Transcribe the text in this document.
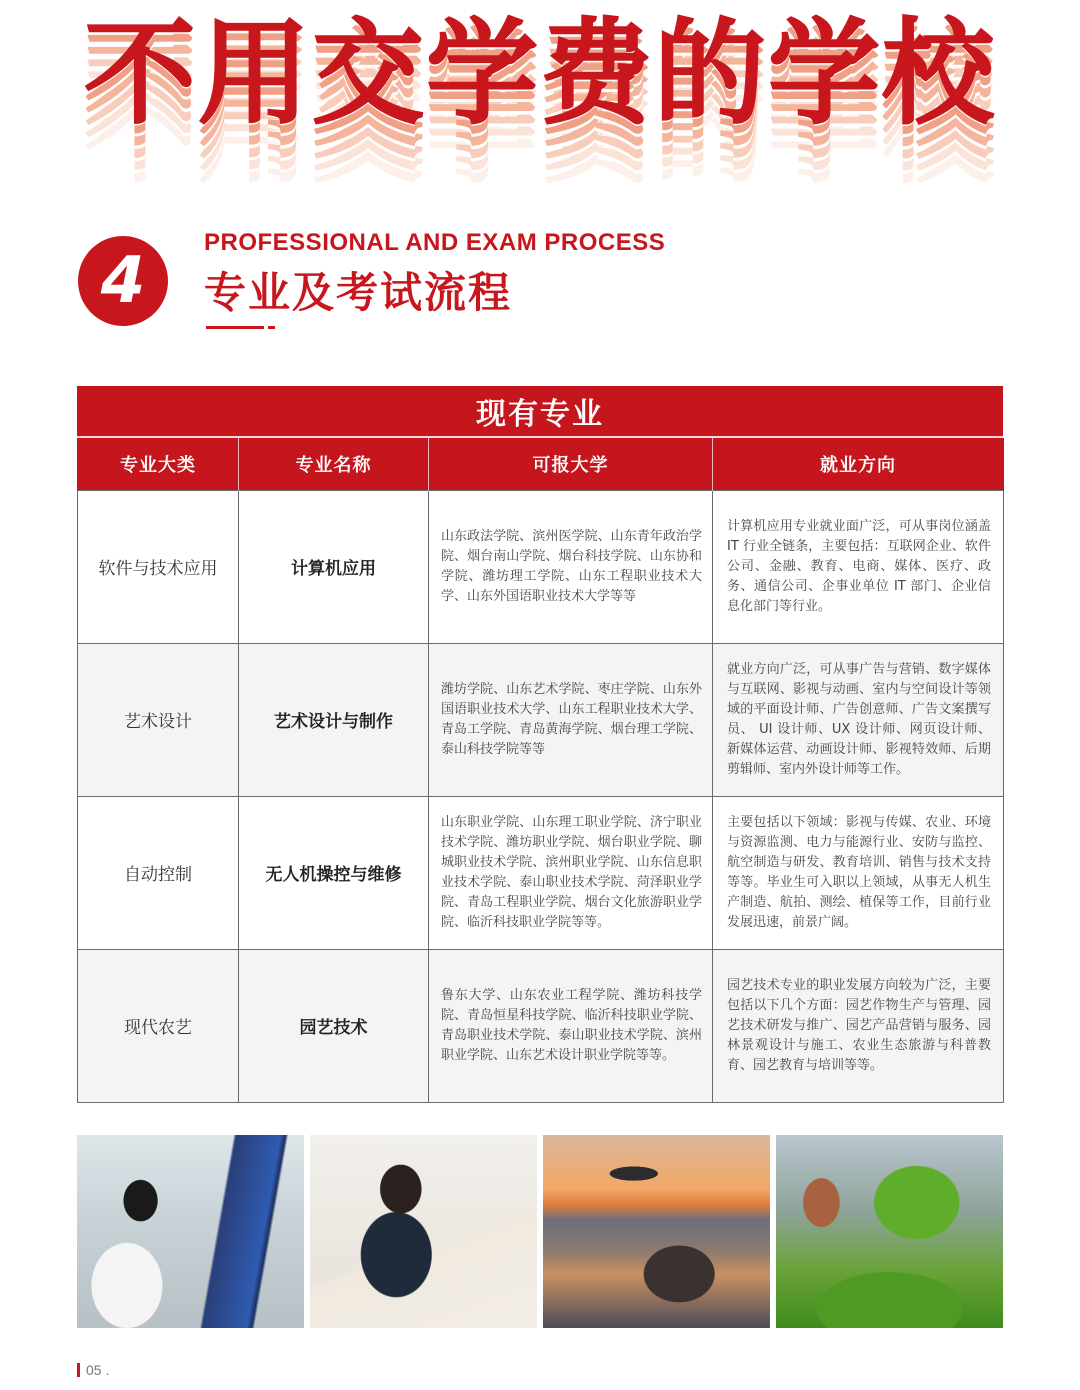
不用交学费的学校
4
PROFESSIONAL AND EXAM PROCESS
专业及考试流程
现有专业
专业大类	专业名称	可报大学	就业方向
软件与技术应用	计算机应用	山东政法学院、滨州医学院、山东青年政治学院、烟台南山学院、烟台科技学院、山东协和学院、潍坊理工学院、山东工程职业技术大学、山东外国语职业技术大学等等	计算机应用专业就业面广泛，可从事岗位涵盖 IT 行业全链条，主要包括：互联网企业、软件公司、金融、教育、电商、媒体、医疗、政务、通信公司、企事业单位 IT 部门、企业信息化部门等行业。
艺术设计	艺术设计与制作	潍坊学院、山东艺术学院、枣庄学院、山东外国语职业技术大学、山东工程职业技术大学、青岛工学院、青岛黄海学院、烟台理工学院、泰山科技学院等等	就业方向广泛，可从事广告与营销、数字媒体与互联网、影视与动画、室内与空间设计等领域的平面设计师、广告创意师、广告文案撰写员、 UI 设计师、UX 设计师、网页设计师、新媒体运营、动画设计师、影视特效师、后期剪辑师、室内外设计师等工作。
自动控制	无人机操控与维修	山东职业学院、山东理工职业学院、济宁职业技术学院、潍坊职业学院、烟台职业学院、聊城职业技术学院、滨州职业学院、山东信息职业技术学院、泰山职业技术学院、菏泽职业学院、青岛工程职业学院、烟台文化旅游职业学院、临沂科技职业学院等等。	主要包括以下领域：影视与传媒、农业、环境与资源监测、电力与能源行业、安防与监控、航空制造与研发、教育培训、销售与技术支持等等。毕业生可入职以上领域，从事无人机生产制造、航拍、测绘、植保等工作，目前行业发展迅速，前景广阔。
现代农艺	园艺技术	鲁东大学、山东农业工程学院、潍坊科技学院、青岛恒星科技学院、临沂科技职业学院、青岛职业技术学院、泰山职业技术学院、滨州职业学院、山东艺术设计职业学院等等。	园艺技术专业的职业发展方向较为广泛，主要包括以下几个方面：园艺作物生产与管理、园艺技术研发与推广、园艺产品营销与服务、园林景观设计与施工、农业生态旅游与科普教育、园艺教育与培训等等。
05 .
